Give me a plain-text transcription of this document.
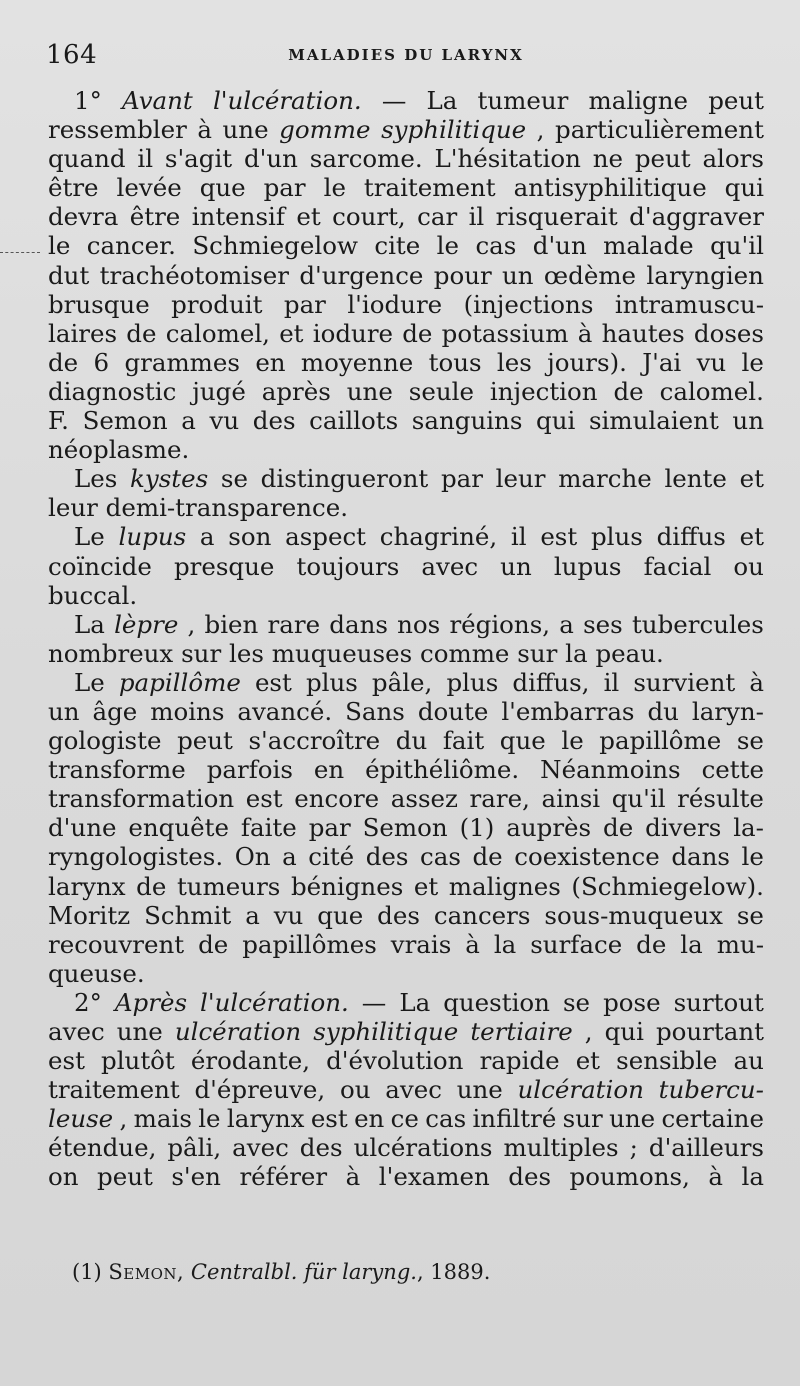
164	MALADIES DU LARYNX
1° Avant l'ulcération. — La tumeur maligne peut
ressembler à une gomme syphilitique , particulièrement
quand il s'agit d'un sarcome. L'hésitation ne peut alors
être levée que par le traitement antisyphilitique qui
devra être intensif et court, car il risquerait d'aggraver
le cancer. Schmiegelow cite le cas d'un malade qu'il
dut trachéotomiser d'urgence pour un œdème laryngien
brusque produit par l'iodure (injections intramuscu-
laires de calomel, et iodure de potassium à hautes doses
de 6 grammes en moyenne tous les jours). J'ai vu le
diagnostic jugé après une seule injection de calomel.
F. Semon a vu des caillots sanguins qui simulaient un
néoplasme.
Les kystes se distingueront par leur marche lente et
leur demi-transparence.
Le lupus a son aspect chagriné, il est plus diffus et
coïncide presque toujours avec un lupus facial ou
buccal.
La lèpre , bien rare dans nos régions, a ses tubercules
nombreux sur les muqueuses comme sur la peau.
Le papillôme est plus pâle, plus diffus, il survient à
un âge moins avancé. Sans doute l'embarras du laryn-
gologiste peut s'accroître du fait que le papillôme se
transforme parfois en épithéliôme. Néanmoins cette
transformation est encore assez rare, ainsi qu'il résulte
d'une enquête faite par Semon (1) auprès de divers la-
ryngologistes. On a cité des cas de coexistence dans le
larynx de tumeurs bénignes et malignes (Schmiegelow).
Moritz Schmit a vu que des cancers sous-muqueux se
recouvrent de papillômes vrais à la surface de la mu-
queuse.
2° Après l'ulcération. — La question se pose surtout
avec une ulcération syphilitique tertiaire , qui pourtant
est plutôt érodante, d'évolution rapide et sensible au
traitement d'épreuve, ou avec une ulcération tubercu-
leuse , mais le larynx est en ce cas infiltré sur une certaine
étendue, pâli, avec des ulcérations multiples ; d'ailleurs
on peut s'en référer à l'examen des poumons, à la
(1) Semon, Centralbl. für laryng., 1889.
